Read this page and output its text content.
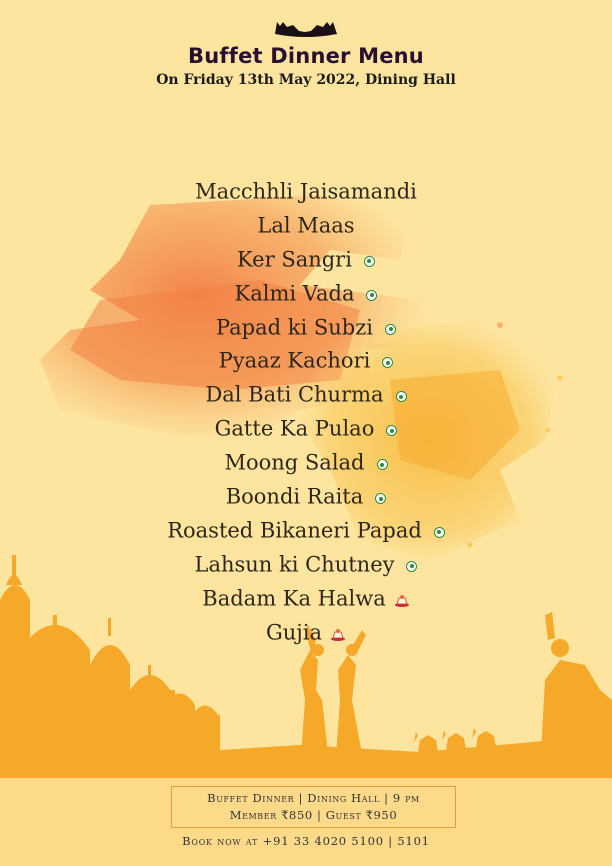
Buffet Dinner Menu
On Friday 13th May 2022, Dining Hall
Macchhli Jaisamandi
Lal Maas
Ker Sangri
Kalmi Vada
Papad ki Subzi
Pyaaz Kachori
Dal Bati Churma
Gatte Ka Pulao
Moong Salad
Boondi Raita
Roasted Bikaneri Papad
Lahsun ki Chutney
Badam Ka Halwa
Gujia
Buffet Dinner | Dining Hall | 9 pm
Member ₹850 | Guest ₹950
Book now at +91 33 4020 5100 | 5101
